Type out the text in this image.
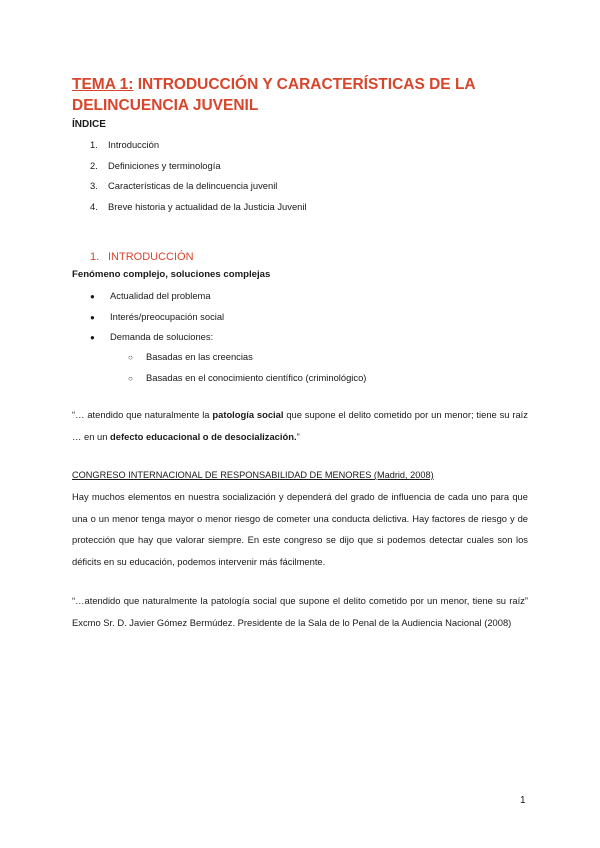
TEMA 1: INTRODUCCIÓN Y CARACTERÍSTICAS DE LA DELINCUENCIA JUVENIL
ÍNDICE
1.	Introducción
2.	Definiciones y terminología
3.	Características de la delincuencia juvenil
4.	Breve historia y actualidad de la Justicia Juvenil
1. INTRODUCCIÓN
Fenómeno complejo, soluciones complejas
●	Actualidad del problema
●	Interés/preocupación social
●	Demanda de soluciones:
○	Basadas en las creencias
○	Basadas en el conocimiento científico (criminológico)

“… atendido que naturalmente la patología social que supone el delito cometido por un menor; tiene su raíz … en un defecto educacional o de desocialización.”

CONGRESO INTERNACIONAL DE RESPONSABILIDAD DE MENORES (Madrid, 2008)

Hay muchos elementos en nuestra socialización y dependerá del grado de influencia de cada uno para que una o un menor tenga mayor o menor riesgo de cometer una conducta delictiva. Hay factores de riesgo y de protección que hay que valorar siempre. En este congreso se dijo que si podemos detectar cuales son los déficits en su educación, podemos intervenir más fácilmente.

“…atendido que naturalmente la patología social que supone el delito cometido por un menor, tiene su raíz” Excmo Sr. D. Javier Gómez Bermúdez. Presidente de la Sala de lo Penal de la Audiencia Nacional (2008)

1
